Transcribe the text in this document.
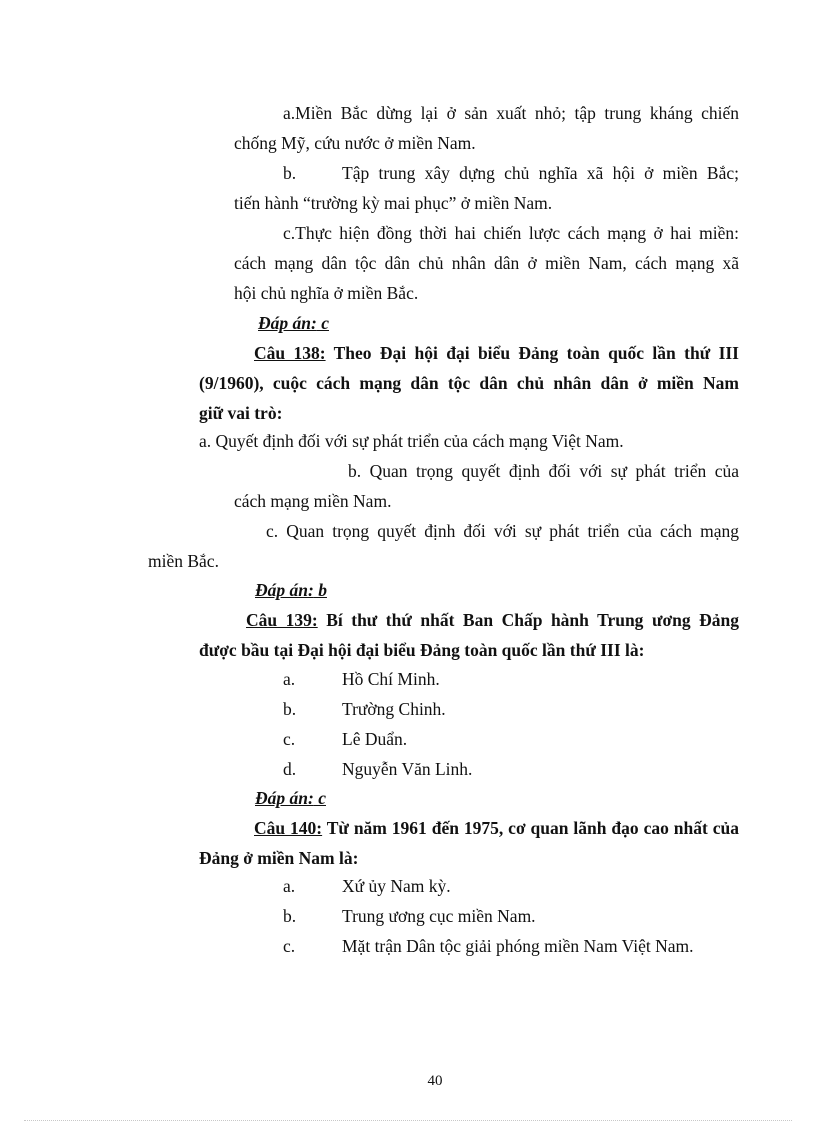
a.Miền Bắc dừng lại ở sản xuất nhỏ; tập trung kháng chiến
chống Mỹ, cứu nước ở miền Nam.
b.	Tập trung xây dựng chủ nghĩa xã hội ở miền Bắc;
tiến hành “trường kỳ mai phục” ở miền Nam.
c.Thực hiện đồng thời hai chiến lược cách mạng ở hai miền:
cách mạng dân tộc dân chủ nhân dân ở miền Nam, cách mạng xã
hội chủ nghĩa ở miền Bắc.
Đáp án: c
Câu 138: Theo Đại hội đại biểu Đảng toàn quốc lần thứ III
(9/1960), cuộc cách mạng dân tộc dân chủ nhân dân ở miền Nam
giữ vai trò:
a. Quyết định đối với sự phát triển của cách mạng Việt Nam.
b. Quan trọng quyết định đối với sự phát triển của
cách mạng miền Nam.
c. Quan trọng quyết định đối với sự phát triển của cách mạng
miền Bắc.
Đáp án: b
Câu 139: Bí thư thứ nhất Ban Chấp hành Trung ương Đảng
được bầu tại Đại hội đại biểu Đảng toàn quốc lần thứ III là:
a.	Hồ Chí Minh.
b.	Trường Chinh.
c.	Lê Duẩn.
d.	Nguyễn Văn Linh.
Đáp án: c
Câu 140: Từ năm 1961 đến 1975, cơ quan lãnh đạo cao nhất của
Đảng ở miền Nam là:
a.	Xứ ủy Nam kỳ.
b.	Trung ương cục miền Nam.
c.	Mặt trận Dân tộc giải phóng miền Nam Việt Nam.
40
